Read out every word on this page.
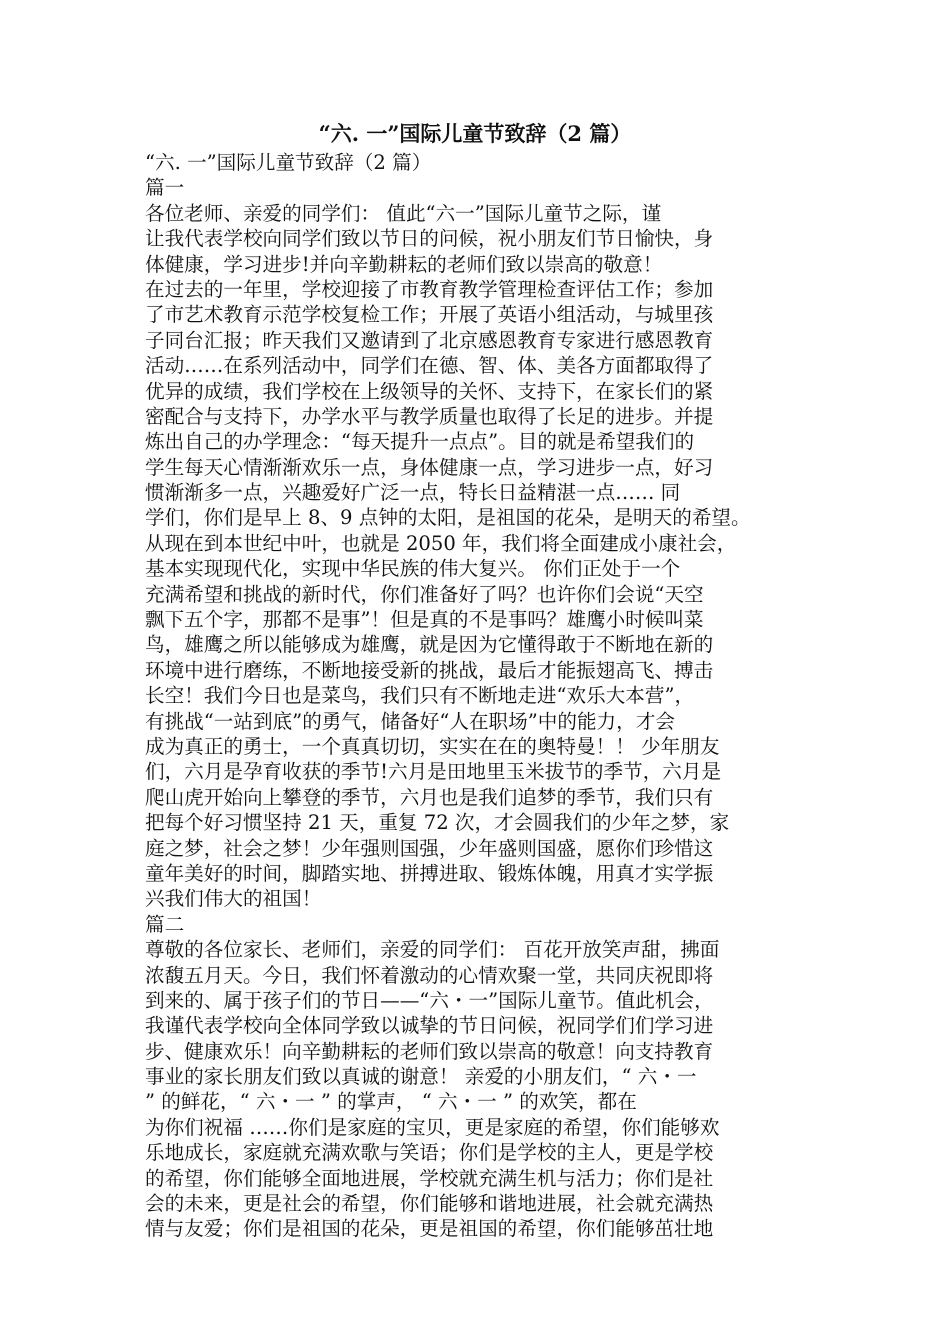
“六. 一”国际儿童节致辞（2 篇）
“六. 一”国际儿童节致辞（2 篇）
篇一
各位老师、亲爱的同学们： 值此“六一”国际儿童节之际，谨
让我代表学校向同学们致以节日的问候，祝小朋友们节日愉快，身
体健康，学习进步!并向辛勤耕耘的老师们致以崇高的敬意！
在过去的一年里，学校迎接了市教育教学管理检查评估工作；参加
了市艺术教育示范学校复检工作；开展了英语小组活动，与城里孩
子同台汇报；昨天我们又邀请到了北京感恩教育专家进行感恩教育
活动……在系列活动中，同学们在德、智、体、美各方面都取得了
优异的成绩，我们学校在上级领导的关怀、支持下，在家长们的紧
密配合与支持下，办学水平与教学质量也取得了长足的进步。并提
炼出自己的办学理念：“每天提升一点点”。目的就是希望我们的
学生每天心情渐渐欢乐一点，身体健康一点，学习进步一点，好习
惯渐渐多一点，兴趣爱好广泛一点，特长日益精湛一点…… 同
学们，你们是早上 8、9 点钟的太阳，是祖国的花朵，是明天的希望。
从现在到本世纪中叶，也就是 2050 年，我们将全面建成小康社会，
基本实现现代化，实现中华民族的伟大复兴。 你们正处于一个
充满希望和挑战的新时代，你们准备好了吗？也许你们会说“天空
飘下五个字，那都不是事”！但是真的不是事吗？雄鹰小时候叫菜
鸟，雄鹰之所以能够成为雄鹰，就是因为它懂得敢于不断地在新的
环境中进行磨练，不断地接受新的挑战，最后才能振翅高飞、搏击
长空！我们今日也是菜鸟，我们只有不断地走进“欢乐大本营”，
有挑战“一站到底”的勇气，储备好“人在职场”中的能力，才会
成为真正的勇士，一个真真切切，实实在在的奥特曼！！ 少年朋友
们，六月是孕育收获的季节!六月是田地里玉米拔节的季节，六月是
爬山虎开始向上攀登的季节，六月也是我们追梦的季节，我们只有
把每个好习惯坚持 21 天，重复 72 次，才会圆我们的少年之梦，家
庭之梦，社会之梦！少年强则国强，少年盛则国盛，愿你们珍惜这
童年美好的时间，脚踏实地、拼搏进取、锻炼体魄，用真才实学振
兴我们伟大的祖国！
篇二
尊敬的各位家长、老师们，亲爱的同学们： 百花开放笑声甜，拂面
浓馥五月天。今日，我们怀着激动的心情欢聚一堂，共同庆祝即将
到来的、属于孩子们的节日——“六・一”国际儿童节。值此机会，
我谨代表学校向全体同学致以诚挚的节日问候，祝同学们们学习进
步、健康欢乐！向辛勤耕耘的老师们致以崇高的敬意！向支持教育
事业的家长朋友们致以真诚的谢意！ 亲爱的小朋友们，“ 六・一
” 的鲜花，“ 六・一 ” 的掌声， “ 六・一 ” 的欢笑，都在
为你们祝福 ……你们是家庭的宝贝，更是家庭的希望，你们能够欢
乐地成长，家庭就充满欢歌与笑语；你们是学校的主人，更是学校
的希望，你们能够全面地进展，学校就充满生机与活力；你们是社
会的未来，更是社会的希望，你们能够和谐地进展，社会就充满热
情与友爱；你们是祖国的花朵，更是祖国的希望，你们能够茁壮地
